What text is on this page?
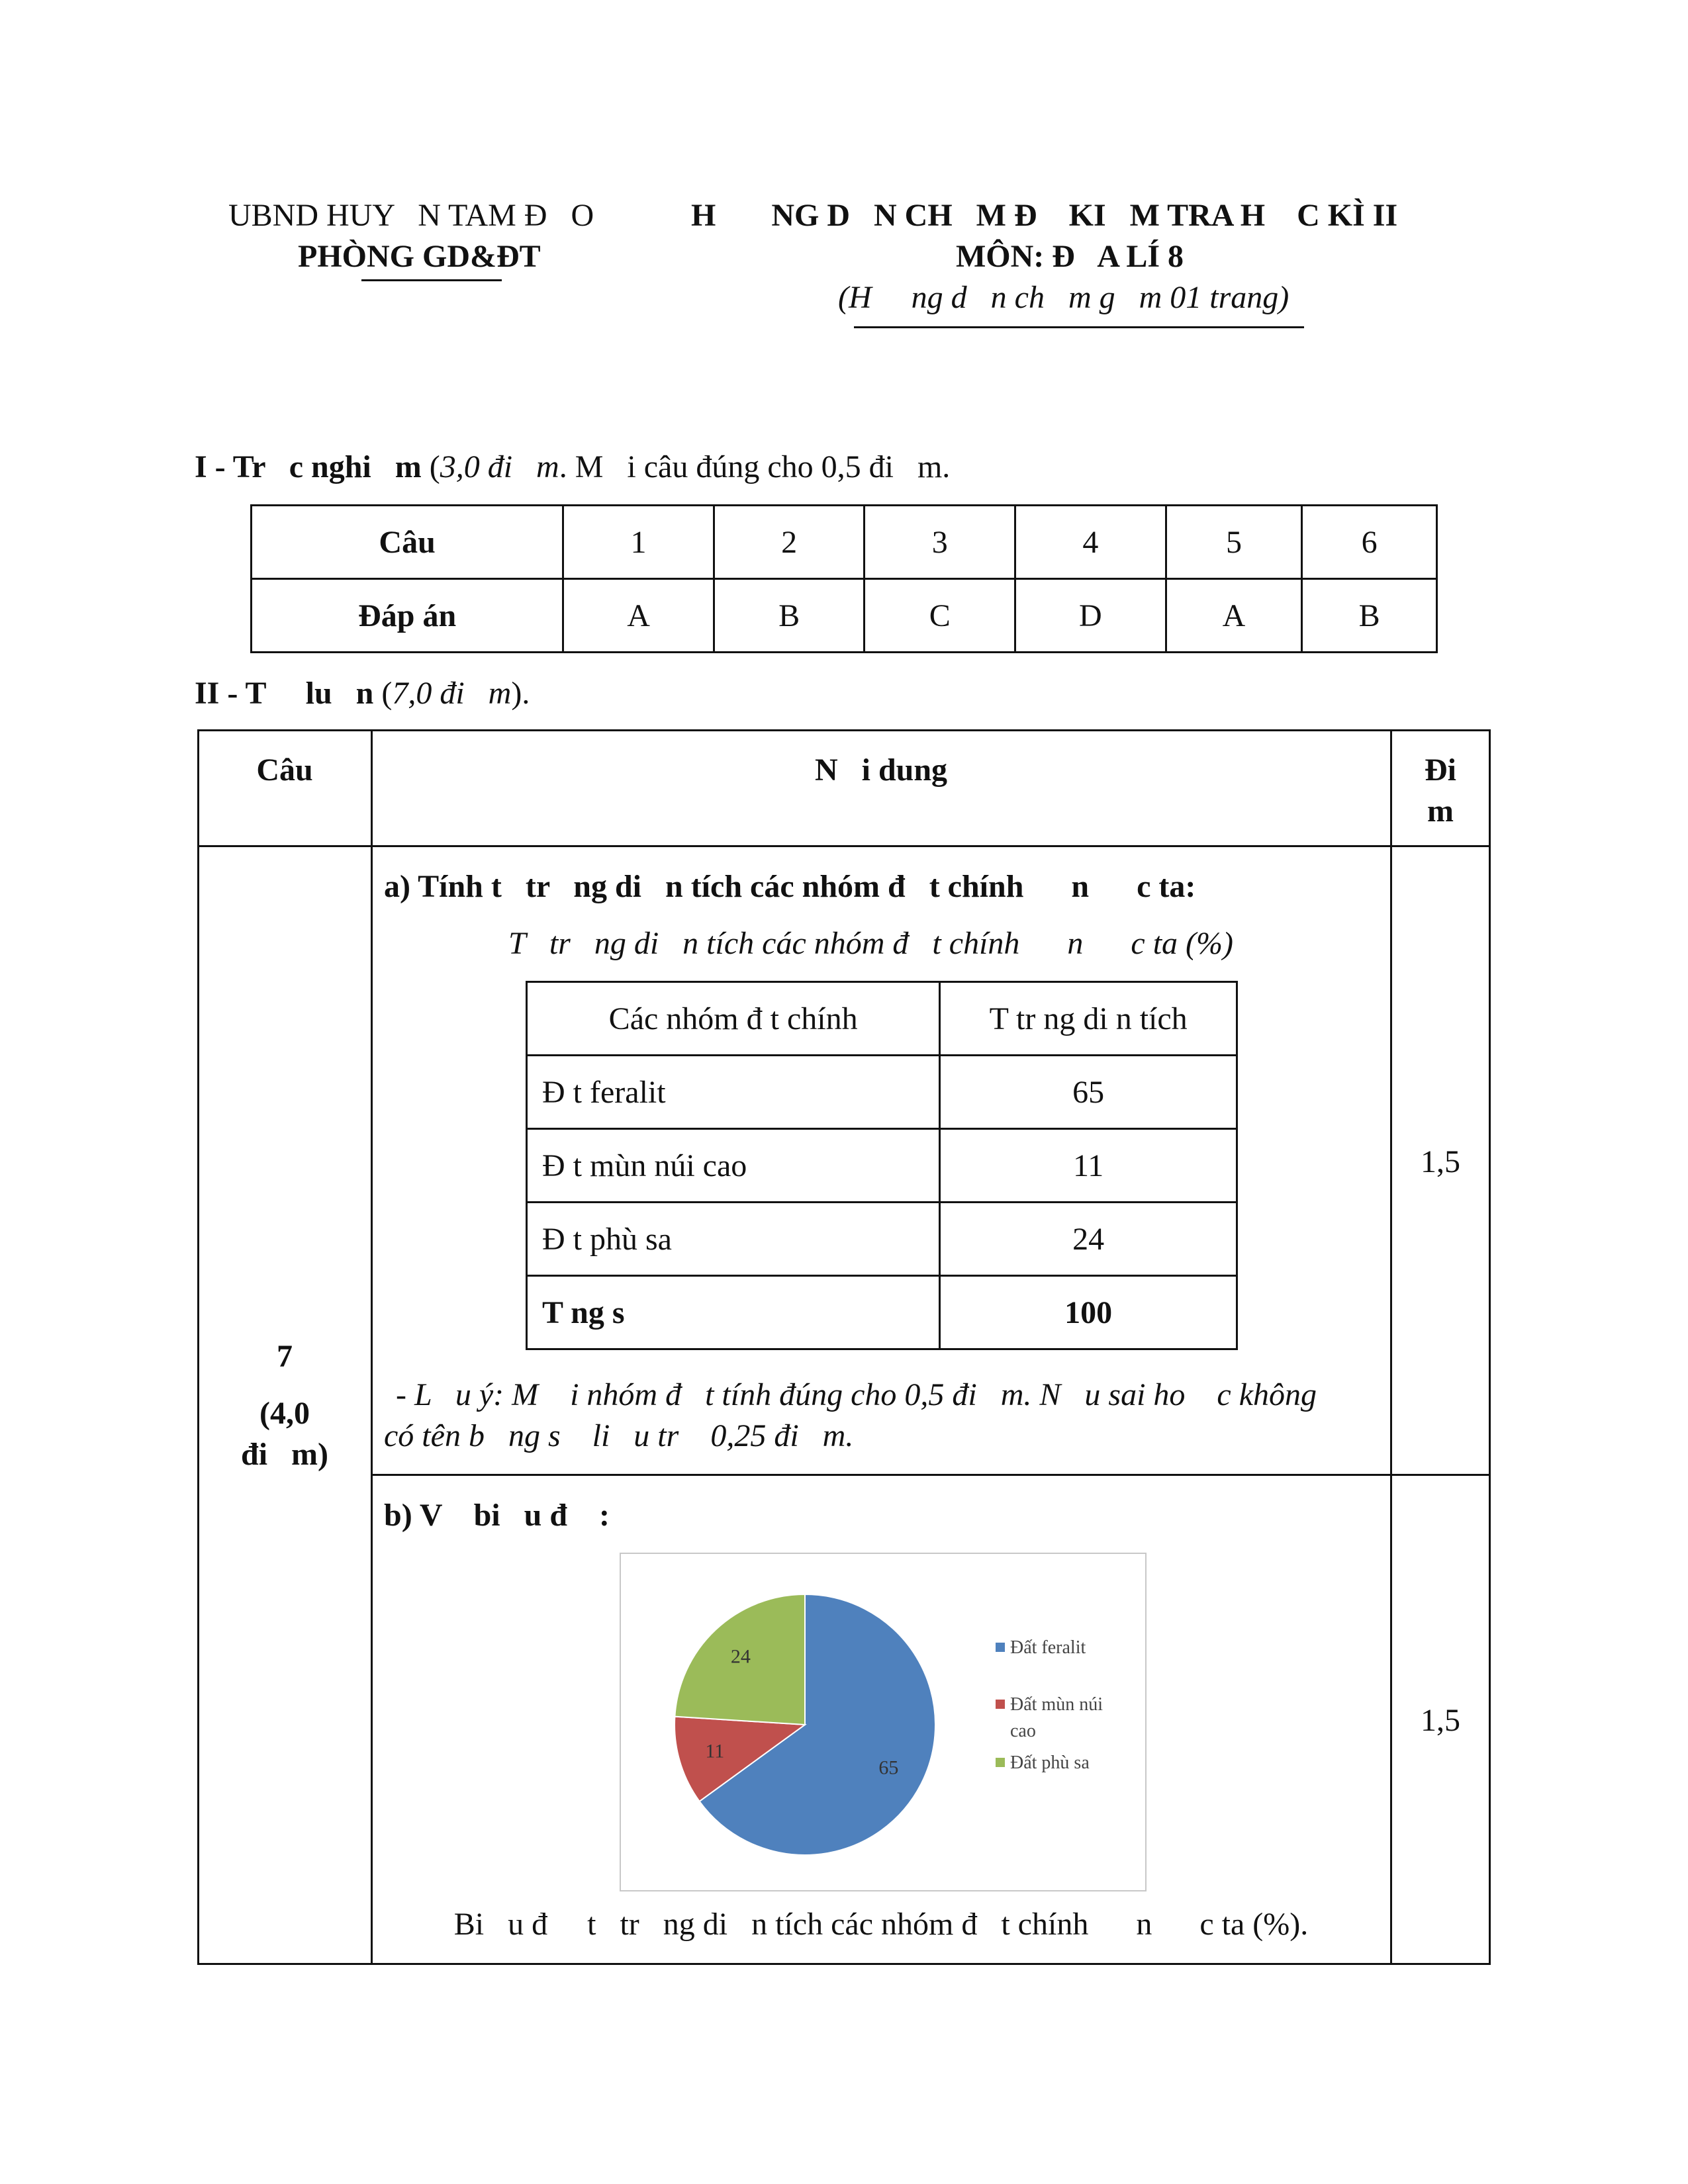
UBND HUY   N TAM Đ   O
PHÒNG GD&ĐT
H       NG D   N CH   M Đ    KI   M TRA H    C KÌ II
MÔN: Đ   A LÍ 8
(H     ng d   n ch   m g   m 01 trang)
I - Tr   c nghi   m (3,0 đi   m. M   i câu đúng cho 0,5 đi   m.
Câu	1	2	3	4	5	6
Đáp án	A	B	C	D	A	B
II - T     lu   n (7,0 đi   m).
Câu	N   i dung	Đi
m
7
(4,0
đi   m)
a) Tính t   tr   ng di   n tích các nhóm đ   t chính      n      c ta:
T   tr   ng di   n tích các nhóm đ   t chính      n      c ta (%)
Các nhóm đ t chính	T tr ng di n tích
Đ t feralit	65
Đ t mùn núi cao	11
Đ t phù sa	24
T ng s	100
- L   u ý: M    i nhóm đ   t tính đúng cho 0,5 đi   m. N   u sai ho    c không
có tên b   ng s    li   u tr    0,25 đi   m.
1,5
b) V    bi   u đ    :
65
11
24	Đất feralit
Đất mùn núi cao
Đất phù sa
Bi   u đ     t   tr   ng di   n tích các nhóm đ   t chính      n      c ta (%).
1,5
